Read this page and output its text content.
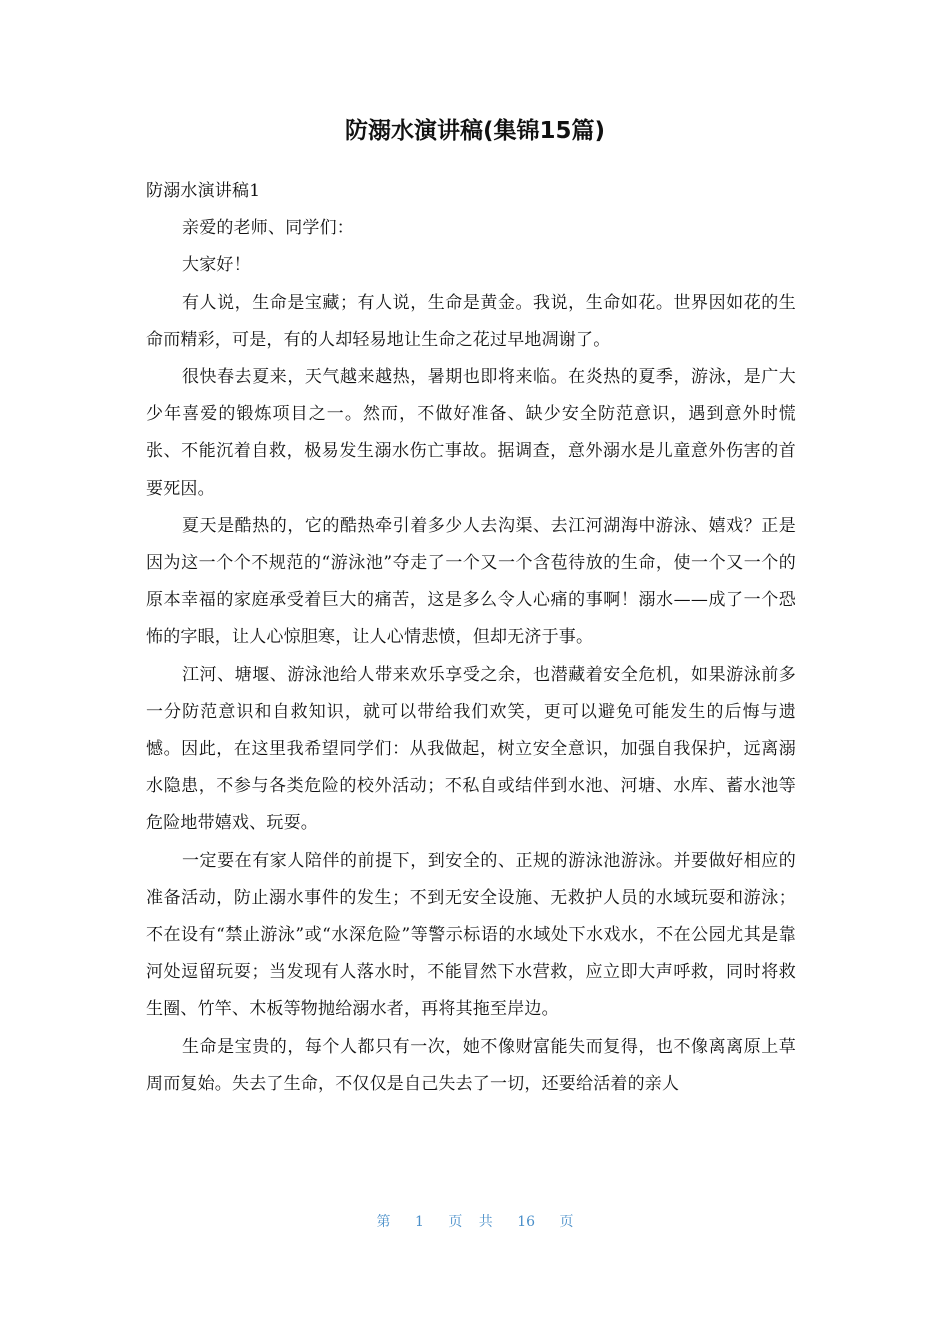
防溺水演讲稿(集锦15篇)

防溺水演讲稿1

亲爱的老师、同学们：

大家好！

有人说，生命是宝藏；有人说，生命是黄金。我说，生命如花。世界因如花的生命而精彩，可是，有的人却轻易地让生命之花过早地凋谢了。

很快春去夏来，天气越来越热，暑期也即将来临。在炎热的夏季，游泳，是广大少年喜爱的锻炼项目之一。然而，不做好准备、缺少安全防范意识，遇到意外时慌张、不能沉着自救，极易发生溺水伤亡事故。据调查，意外溺水是儿童意外伤害的首要死因。

夏天是酷热的，它的酷热牵引着多少人去沟渠、去江河湖海中游泳、嬉戏？正是因为这一个个不规范的“游泳池”夺走了一个又一个含苞待放的生命，使一个又一个的原本幸福的家庭承受着巨大的痛苦，这是多么令人心痛的事啊！溺水——成了一个恐怖的字眼，让人心惊胆寒，让人心情悲愤，但却无济于事。

江河、塘堰、游泳池给人带来欢乐享受之余，也潜藏着安全危机，如果游泳前多一分防范意识和自救知识，就可以带给我们欢笑，更可以避免可能发生的后悔与遗憾。因此，在这里我希望同学们：从我做起，树立安全意识，加强自我保护，远离溺水隐患，不参与各类危险的校外活动；不私自或结伴到水池、河塘、水库、蓄水池等危险地带嬉戏、玩耍。

一定要在有家人陪伴的前提下，到安全的、正规的游泳池游泳。并要做好相应的准备活动，防止溺水事件的发生；不到无安全设施、无救护人员的水域玩耍和游泳；不在设有“禁止游泳”或“水深危险”等警示标语的水域处下水戏水，不在公园尤其是靠河处逗留玩耍；当发现有人落水时，不能冒然下水营救，应立即大声呼救，同时将救生圈、竹竿、木板等物抛给溺水者，再将其拖至岸边。

生命是宝贵的，每个人都只有一次，她不像财富能失而复得，也不像离离原上草周而复始。失去了生命，不仅仅是自己失去了一切，还要给活着的亲人

第 1 页 共 16 页
